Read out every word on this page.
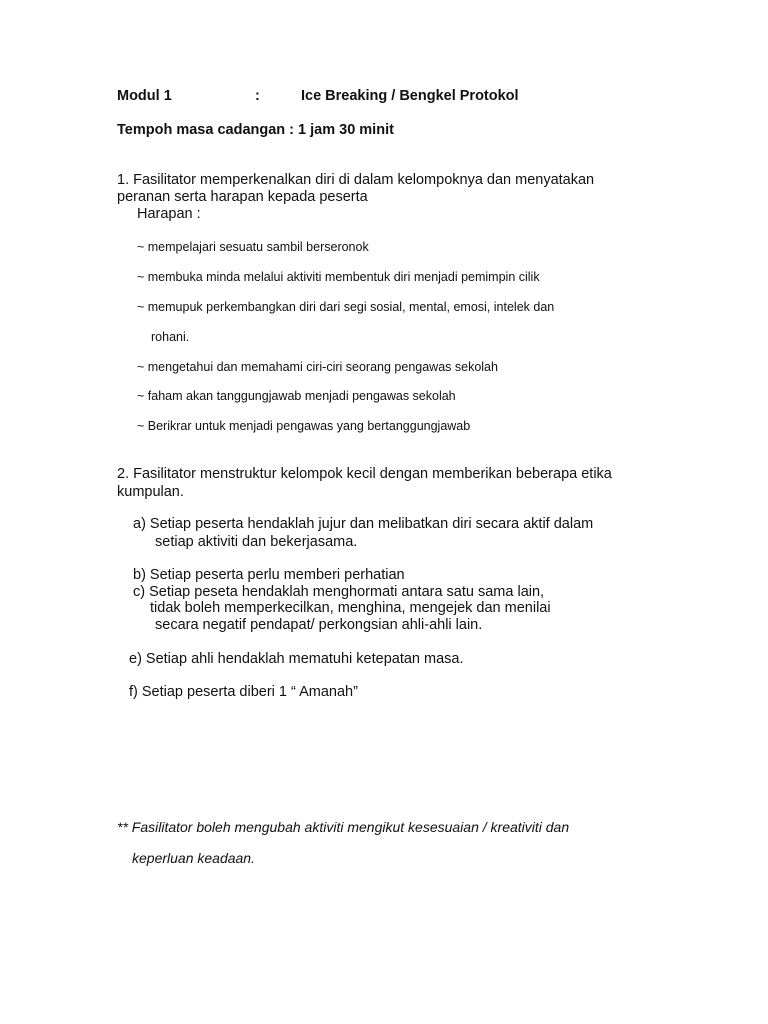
Modul 1	:	Ice Breaking / Bengkel Protokol
Tempoh masa cadangan : 1 jam 30 minit
1. Fasilitator memperkenalkan diri di dalam kelompoknya dan menyatakan
peranan serta harapan kepada peserta
Harapan :
~ mempelajari sesuatu sambil berseronok
~ membuka minda melalui aktiviti membentuk diri menjadi pemimpin cilik
~ memupuk perkembangkan diri dari segi sosial, mental, emosi, intelek dan
rohani.
~ mengetahui dan memahami ciri-ciri seorang pengawas sekolah
~ faham akan tanggungjawab menjadi pengawas sekolah
~ Berikrar untuk menjadi pengawas yang bertanggungjawab
2. Fasilitator menstruktur kelompok kecil dengan memberikan beberapa etika
kumpulan.
a) Setiap peserta hendaklah jujur dan melibatkan diri secara aktif dalam
setiap aktiviti dan bekerjasama.
b) Setiap peserta perlu memberi perhatian
c) Setiap peseta hendaklah menghormati antara satu sama lain,
tidak boleh memperkecilkan, menghina, mengejek dan menilai
secara negatif pendapat/ perkongsian ahli-ahli lain.
e) Setiap ahli hendaklah mematuhi ketepatan masa.
f) Setiap peserta diberi 1 “ Amanah”
** Fasilitator boleh mengubah aktiviti mengikut kesesuaian / kreativiti dan
keperluan keadaan.
